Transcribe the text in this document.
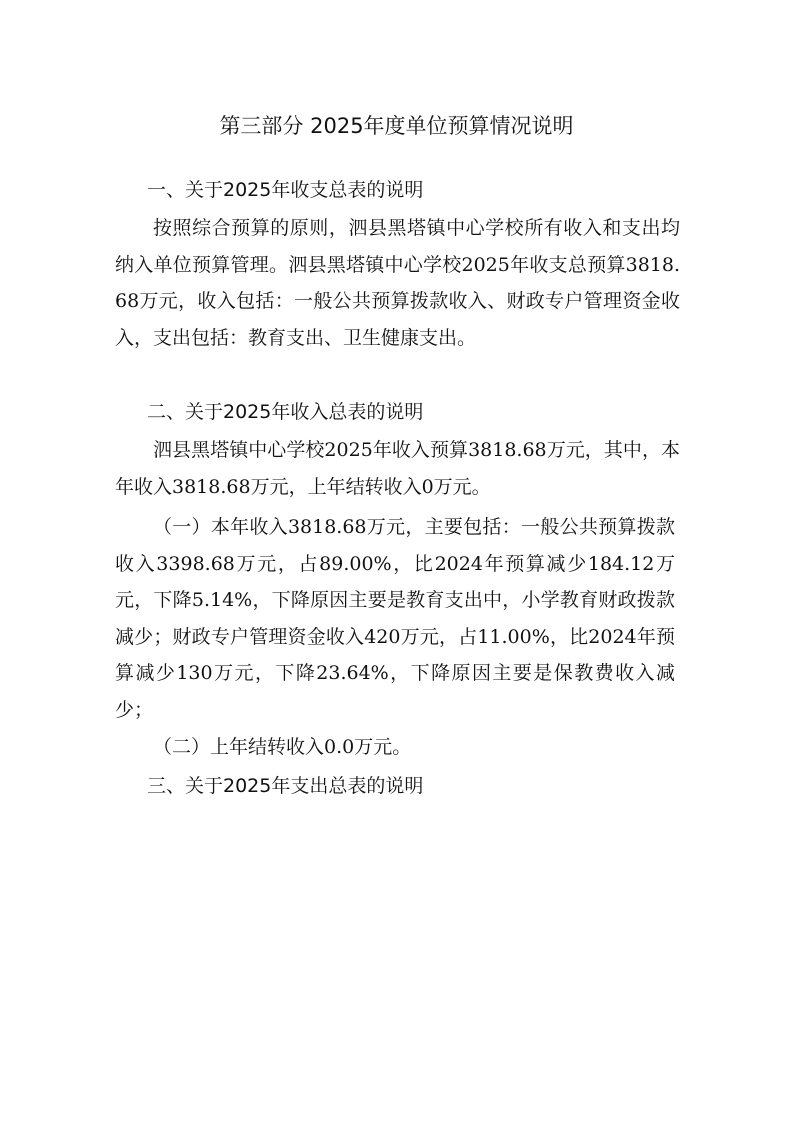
第三部分 2025年度单位预算情况说明
一、关于2025年收支总表的说明

按照综合预算的原则，泗县黑塔镇中心学校所有收入和支出均纳入单位预算管理。泗县黑塔镇中心学校2025年收支总预算3818.68万元，收入包括：一般公共预算拨款收入、财政专户管理资金收入，支出包括：教育支出、卫生健康支出。

二、关于2025年收入总表的说明

泗县黑塔镇中心学校2025年收入预算3818.68万元，其中，本年收入3818.68万元，上年结转收入0万元。

（一）本年收入3818.68万元，主要包括：一般公共预算拨款收入3398.68万元，占89.00%，比2024年预算减少184.12万元，下降5.14%，下降原因主要是教育支出中，小学教育财政拨款减少；财政专户管理资金收入420万元，占11.00%，比2024年预算减少130万元，下降23.64%，下降原因主要是保教费收入减少；

（二）上年结转收入0.0万元。

三、关于2025年支出总表的说明
